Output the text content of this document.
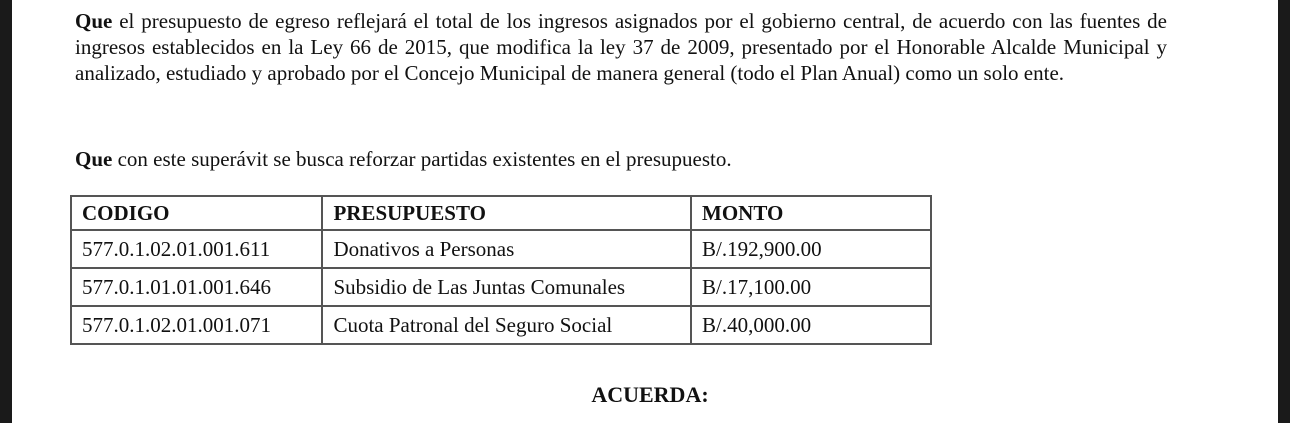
Que el presupuesto de egreso reflejará el total de los ingresos asignados por el gobierno central, de acuerdo con las fuentes de ingresos establecidos en la Ley 66 de 2015, que modifica la ley 37 de 2009, presentado por el Honorable Alcalde Municipal y analizado, estudiado y aprobado por el Concejo Municipal de manera general (todo el Plan Anual) como un solo ente.

Que con este superávit se busca reforzar partidas existentes en el presupuesto.

CODIGO	PRESUPUESTO	MONTO
577.0.1.02.01.001.611	Donativos a Personas	B/.192,900.00
577.0.1.01.01.001.646	Subsidio de Las Juntas Comunales	B/.17,100.00
577.0.1.02.01.001.071	Cuota Patronal del Seguro Social	B/.40,000.00

ACUERDA:
